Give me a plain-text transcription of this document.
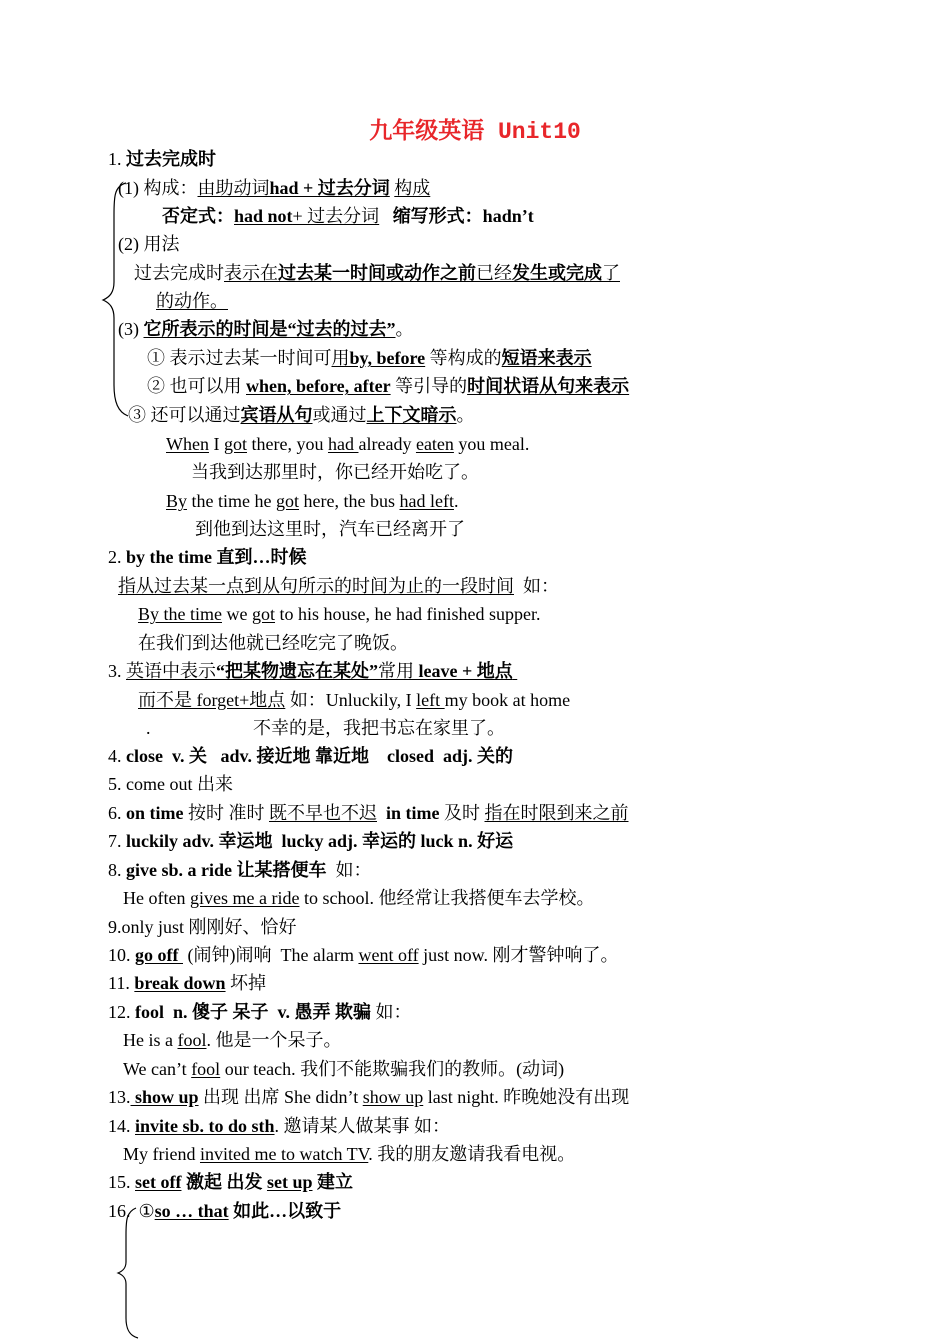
九年级英语 Unit10
1. 过去完成时
(1) 构成：由助动词had + 过去分词 构成
否定式：had not+ 过去分词 缩写形式：hadn’t
(2) 用法
过去完成时表示在过去某一时间或动作之前已经发生或完成了
的动作。
(3) 它所表示的时间是“过去的过去”。
① 表示过去某一时间可用by, before 等构成的短语来表示
② 也可以用 when, before, after 等引导的时间状语从句来表示
③ 还可以通过宾语从句或通过上下文暗示。
When I got there, you had already eaten you meal.
当我到达那里时，你已经开始吃了。
By the time he got here, the bus had left.
到他到达这里时，汽车已经离开了
2. by the time 直到…时候
指从过去某一点到从句所示的时间为止的一段时间 如：
By the time we got to his house, he had finished supper.
在我们到达他就已经吃完了晚饭。
3. 英语中表示“把某物遗忘在某处”常用 leave + 地点
而不是 forget+地点 如：Unluckily, I left my book at home
.	不幸的是，我把书忘在家里了。
4. close  v. 关   adv. 接近地 靠近地    closed  adj. 关的
5. come out 出来
6. on time 按时 准时 既不早也不迟 in time 及时 指在时限到来之前
7. luckily adv. 幸运地  lucky adj. 幸运的 luck n. 好运
8. give sb. a ride 让某搭便车  如：
He often gives me a ride to school. 他经常让我搭便车去学校。
9.only just 刚刚好、恰好
10. go off  (闹钟)闹响  The alarm went off just now. 刚才警钟响了。
11. break down 坏掉
12. fool  n. 傻子 呆子  v. 愚弄 欺骗 如：
He is a fool. 他是一个呆子。
We can’t fool our teach. 我们不能欺骗我们的教师。(动词)
13. show up 出现 出席 She didn’t show up last night. 昨晚她没有出现
14. invite sb. to do sth. 邀请某人做某事 如：
My friend invited me to watch TV. 我的朋友邀请我看电视。
15. set off 激起 出发 set up 建立
16. ①so … that 如此…以致于
